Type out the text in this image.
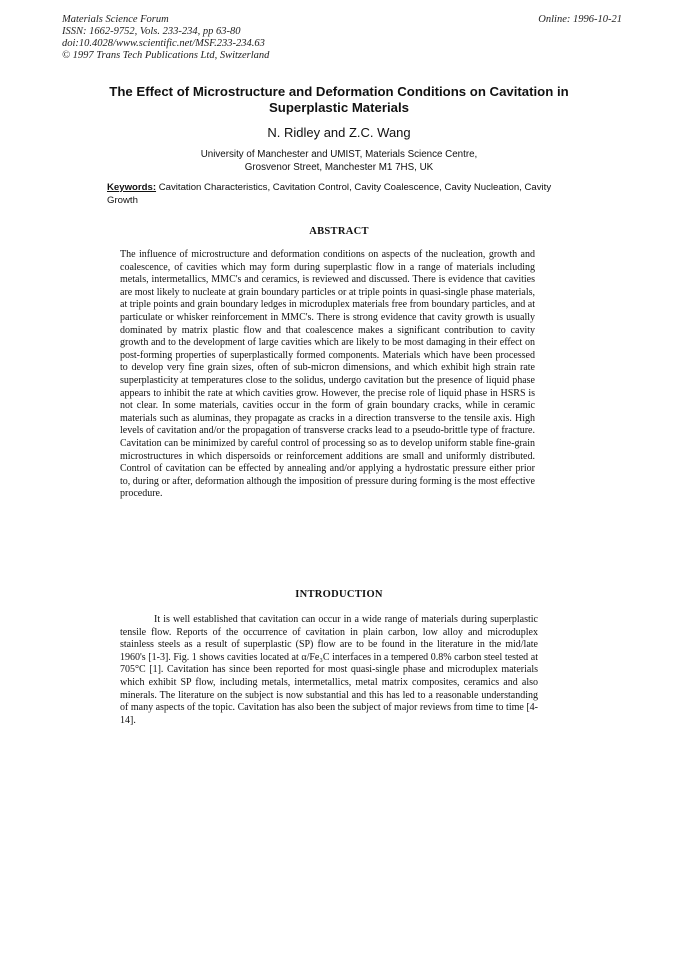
Materials Science Forum
ISSN: 1662-9752, Vols. 233-234, pp 63-80
doi:10.4028/www.scientific.net/MSF.233-234.63
© 1997 Trans Tech Publications Ltd, Switzerland
Online: 1996-10-21
The Effect of Microstructure and Deformation Conditions on Cavitation in Superplastic Materials
N. Ridley and Z.C. Wang
University of Manchester and UMIST, Materials Science Centre,
Grosvenor Street, Manchester M1 7HS, UK
Keywords: Cavitation Characteristics, Cavitation Control, Cavity Coalescence, Cavity Nucleation, Cavity Growth
ABSTRACT

The influence of microstructure and deformation conditions on aspects of the nucleation, growth and coalescence, of cavities which may form during superplastic flow in a range of materials including metals, intermetallics, MMC's and ceramics, is reviewed and discussed. There is evidence that cavities are most likely to nucleate at grain boundary particles or at triple points in quasi-single phase materials, at triple points and grain boundary ledges in microduplex materials free from boundary particles, and at particulate or whisker reinforcement in MMC's. There is strong evidence that cavity growth is usually dominated by matrix plastic flow and that coalescence makes a significant contribution to cavity growth and to the development of large cavities which are likely to be most damaging in their effect on post-forming properties of superplastically formed components. Materials which have been processed to develop very fine grain sizes, often of sub-micron dimensions, and which exhibit high strain rate superplasticity at temperatures close to the solidus, undergo cavitation but the presence of liquid phase appears to inhibit the rate at which cavities grow. However, the precise role of liquid phase in HSRS is not clear. In some materials, cavities occur in the form of grain boundary cracks, while in ceramic materials such as aluminas, they propagate as cracks in a direction transverse to the tensile axis. High levels of cavitation and/or the propagation of transverse cracks lead to a pseudo-brittle type of fracture. Cavitation can be minimized by careful control of processing so as to develop uniform stable fine-grain microstructures in which dispersoids or reinforcement additions are small and uniformly distributed. Control of cavitation can be effected by annealing and/or applying a hydrostatic pressure either prior to, during or after, deformation although the imposition of pressure during forming is the most effective procedure.

INTRODUCTION

It is well established that cavitation can occur in a wide range of materials during superplastic tensile flow. Reports of the occurrence of cavitation in plain carbon, low alloy and microduplex stainless steels as a result of superplastic (SP) flow are to be found in the literature in the mid/late 1960's [1-3]. Fig. 1 shows cavities located at α/Fe₃C interfaces in a tempered 0.8% carbon steel tested at 705°C [1]. Cavitation has since been reported for most quasi-single phase and microduplex materials which exhibit SP flow, including metals, intermetallics, metal matrix composites, ceramics and also minerals. The literature on the subject is now substantial and this has led to a reasonable understanding of many aspects of the topic. Cavitation has also been the subject of major reviews from time to time [4-14].
